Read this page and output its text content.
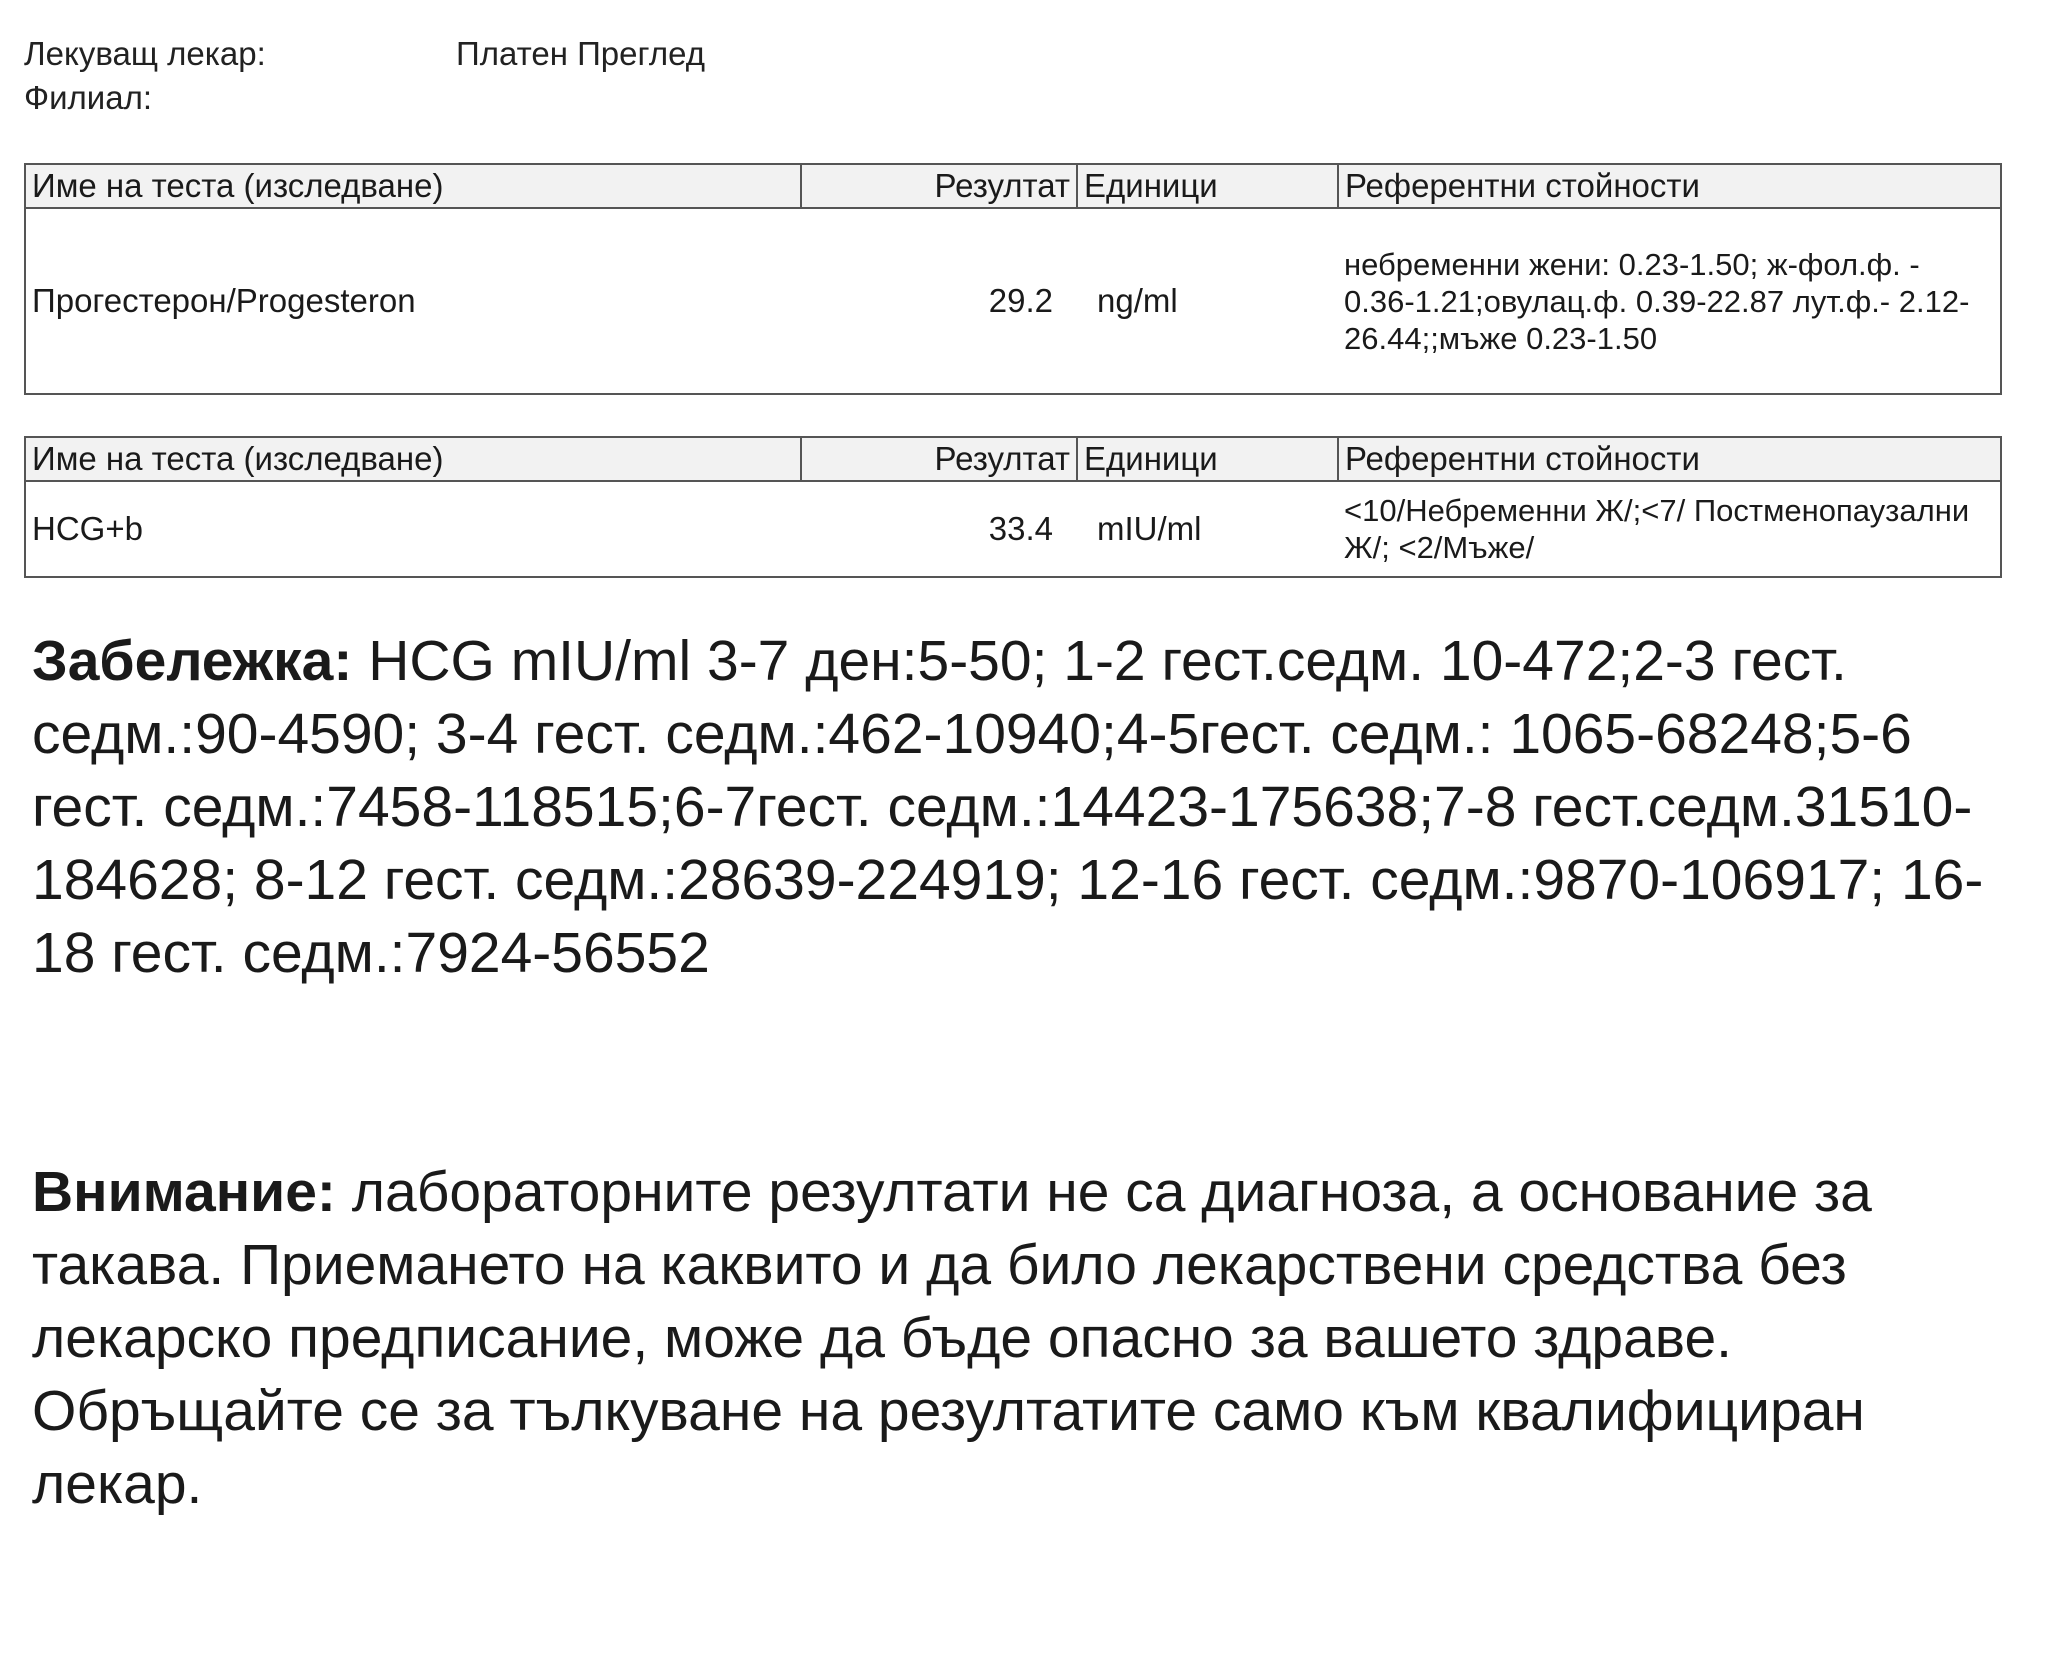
Лекуващ лекар:	Платен Преглед
Филиал:
Име на теста (изследване)	Резултат	Единици	Референтни стойности
Прогестерон/Progesteron	29.2	ng/ml	небременни жени: 0.23-1.50; ж-фол.ф. - 0.36-1.21;овулац.ф. 0.39-22.87 лут.ф.- 2.12-26.44;;мъже 0.23-1.50
Име на теста (изследване)	Резултат	Единици	Референтни стойности
HCG+b	33.4	mIU/ml	<10/Небременни Ж/;<7/ Постменопаузални Ж/; <2/Мъже/
Забележка: HCG mIU/ml 3-7 ден:5-50; 1-2 гест.седм. 10-472;2-3 гест. седм.:90-4590; 3-4 гест. седм.:462-10940;4-5гест. седм.: 1065-68248;5-6 гест. седм.:7458-118515;6-7гест. седм.:14423-175638;7-8 гест.седм.31510-184628; 8-12 гест. седм.:28639-224919; 12-16 гест. седм.:9870-106917; 16-18 гест. седм.:7924-56552
Внимание: лабораторните резултати не са диагноза, а основание за такава. Приемането на каквито и да било лекарствени средства без лекарско предписание, може да бъде опасно за вашето здраве. Обръщайте се за тълкуване на резултатите само към квалифициран лекар.
